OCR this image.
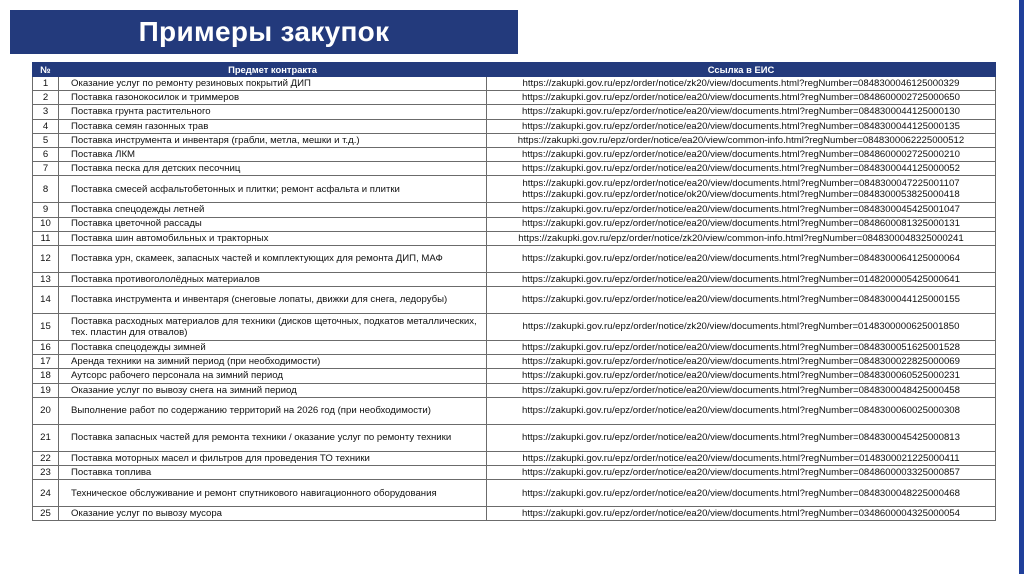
Примеры закупок
№	Предмет контракта	Ссылка в ЕИС
1	Оказание услуг по ремонту резиновых покрытий ДИП	https://zakupki.gov.ru/epz/order/notice/zk20/view/documents.html?regNumber=0848300046125000329

2	Поставка газонокосилок и триммеров	https://zakupki.gov.ru/epz/order/notice/ea20/view/documents.html?regNumber=0848600002725000650

3	Поставка грунта растительного	https://zakupki.gov.ru/epz/order/notice/ea20/view/documents.html?regNumber=0848300044125000130

4	Поставка семян газонных трав	https://zakupki.gov.ru/epz/order/notice/ea20/view/documents.html?regNumber=0848300044125000135

5	Поставка инструмента и инвентаря (грабли, метла, мешки и т.д.)	https://zakupki.gov.ru/epz/order/notice/ea20/view/common-info.html?regNumber=0848300062225000512

6	Поставка ЛКМ	https://zakupki.gov.ru/epz/order/notice/ea20/view/documents.html?regNumber=0848600002725000210

7	Поставка песка для детских песочниц	https://zakupki.gov.ru/epz/order/notice/ea20/view/documents.html?regNumber=0848300044125000052

8	Поставка смесей асфальтобетонных и плитки; ремонт асфальта и плитки	https://zakupki.gov.ru/epz/order/notice/ea20/view/documents.html?regNumber=0848300047225001107
https://zakupki.gov.ru/epz/order/notice/ok20/view/documents.html?regNumber=0848300053825000418

9	Поставка спецодежды летней	https://zakupki.gov.ru/epz/order/notice/ea20/view/documents.html?regNumber=0848300045425001047

10	Поставка цветочной рассады	https://zakupki.gov.ru/epz/order/notice/ea20/view/documents.html?regNumber=0848600081325000131

11	Поставка шин автомобильных и тракторных	https://zakupki.gov.ru/epz/order/notice/zk20/view/common-info.html?regNumber=0848300048325000241

12	Поставка урн, скамеек, запасных частей и комплектующих для ремонта ДИП, МАФ	https://zakupki.gov.ru/epz/order/notice/ea20/view/documents.html?regNumber=0848300064125000064

13	Поставка противогололёдных материалов	https://zakupki.gov.ru/epz/order/notice/ea20/view/documents.html?regNumber=0148200005425000641

14	Поставка инструмента и инвентаря (снеговые лопаты, движки для снега, ледорубы)	https://zakupki.gov.ru/epz/order/notice/ea20/view/documents.html?regNumber=0848300044125000155

15	Поставка расходных материалов для техники (дисков щеточных, подкатов металлических, тех. пластин для отвалов)	https://zakupki.gov.ru/epz/order/notice/zk20/view/documents.html?regNumber=0148300000625001850

16	Поставка спецодежды зимней	https://zakupki.gov.ru/epz/order/notice/ea20/view/documents.html?regNumber=0848300051625001528

17	Аренда техники на зимний период (при необходимости)	https://zakupki.gov.ru/epz/order/notice/ea20/view/documents.html?regNumber=0848300022825000069

18	Аутсорс рабочего персонала на зимний период	https://zakupki.gov.ru/epz/order/notice/ea20/view/documents.html?regNumber=0848300060525000231

19	Оказание услуг по вывозу снега на зимний период	https://zakupki.gov.ru/epz/order/notice/ea20/view/documents.html?regNumber=0848300048425000458

20	Выполнение работ по содержанию территорий на 2026 год (при необходимости)	https://zakupki.gov.ru/epz/order/notice/ea20/view/documents.html?regNumber=0848300060025000308

21	Поставка запасных частей для ремонта техники / оказание услуг по ремонту техники	https://zakupki.gov.ru/epz/order/notice/ea20/view/documents.html?regNumber=0848300045425000813

22	Поставка моторных масел и фильтров для проведения ТО техники	https://zakupki.gov.ru/epz/order/notice/ea20/view/documents.html?regNumber=0148300021225000411

23	Поставка топлива	https://zakupki.gov.ru/epz/order/notice/ea20/view/documents.html?regNumber=0848600003325000857

24	Техническое обслуживание и ремонт спутникового навигационного оборудования	https://zakupki.gov.ru/epz/order/notice/ea20/view/documents.html?regNumber=0848300048225000468

25	Оказание услуг по вывозу мусора	https://zakupki.gov.ru/epz/order/notice/ea20/view/documents.html?regNumber=0348600004325000054
